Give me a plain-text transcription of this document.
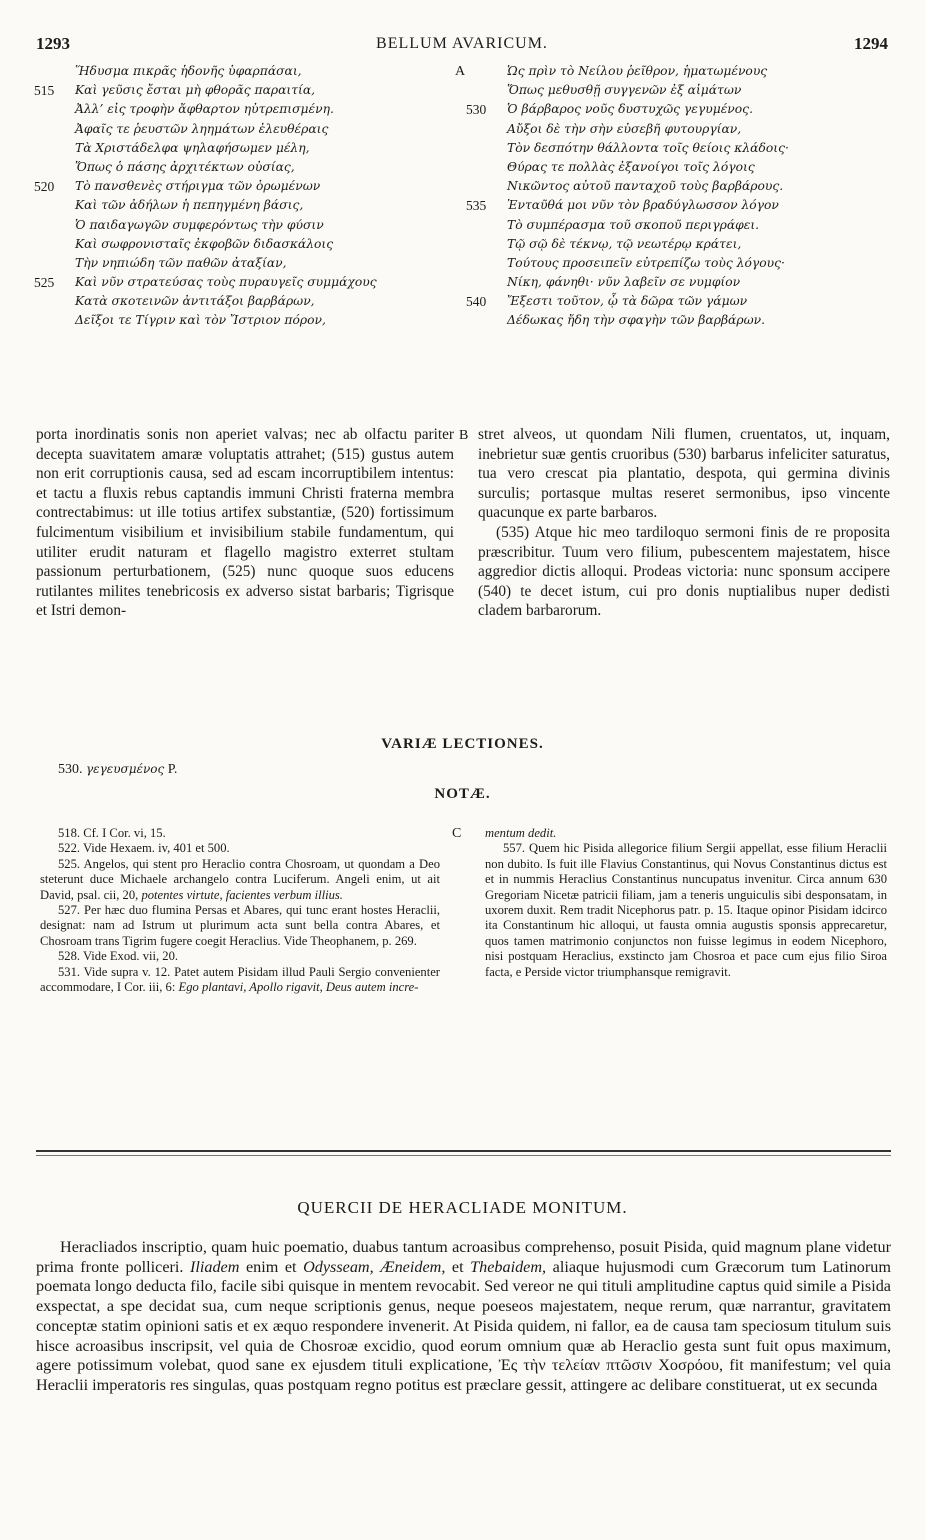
1293	BELLUM AVARICUM.	1294
A
B
C
Ἥδυσμα πικρᾶς ἡδονῆς ὑφαρπάσαι,
515	Καὶ γεῦσις ἔσται μὴ φθορᾶς παραιτία,
Ἀλλ’ εἰς τροφὴν ἄφθαρτον ηὐτρεπισμένη.
Ἀφαῖς τε ῥευστῶν ληημάτων ἐλευθέραις
Τὰ Χριστάδελφα ψηλαφήσωμεν μέλη,
Ὅπως ὁ πάσης ἀρχιτέκτων οὐσίας,
520	Τὸ πανσθενὲς στήριγμα τῶν ὁρωμένων
Καὶ τῶν ἀδήλων ἡ πεπηγμένη βάσις,
Ὁ παιδαγωγῶν συμφερόντως τὴν φύσιν
Καὶ σωφρονισταῖς ἐκφοβῶν διδασκάλοις
Τὴν νηπιώδη τῶν παθῶν ἀταξίαν,
525	Καὶ νῦν στρατεύσας τοὺς πυραυγεῖς συμμάχους
Κατὰ σκοτεινῶν ἀντιτάξοι βαρβάρων,
Δεῖξοι τε Τίγριν καὶ τὸν Ἴστριον πόρον,
Ὡς πρὶν τὸ Νείλου ῥεῖθρον, ἡματωμένους
Ὅπως μεθυσθῇ συγγενῶν ἐξ αἱμάτων
530	Ὁ βάρβαρος νοῦς δυστυχῶς γεγυμένος.
Αὔξοι δὲ τὴν σὴν εὐσεβῆ φυτουργίαν,
Τὸν δεσπότην θάλλοντα τοῖς θείοις κλάδοις·
Θύρας τε πολλὰς ἐξανοίγοι τοῖς λόγοις
Νικῶντος αὐτοῦ πανταχοῦ τοὺς βαρβάρους.
535	Ἐνταῦθά μοι νῦν τὸν βραδύγλωσσον λόγον
Τὸ συμπέρασμα τοῦ σκοποῦ περιγράφει.
Τῷ σῷ δὲ τέκνῳ, τῷ νεωτέρῳ κράτει,
Τούτους προσειπεῖν εὐτρεπίζω τοὺς λόγους·
Νίκη, φάνηθι· νῦν λαβεῖν σε νυμφίον
540	Ἔξεστι τοῦτον, ᾧ τὰ δῶρα τῶν γάμων
Δέδωκας ἤδη τὴν σφαγὴν τῶν βαρβάρων.

porta inordinatis sonis non aperiet valvas; nec ab olfactu pariter decepta suavitatem amaræ voluptatis attrahet; (515) gustus autem non erit corruptionis causa, sed ad escam incorruptibilem intentus: et tactu a fluxis rebus captandis immuni Christi fraterna membra contrectabimus: ut ille totius artifex substantiæ, (520) fortissimum fulcimentum visibilium et invisibilium stabile fundamentum, qui utiliter erudit naturam et flagello magistro exterret stultam passionum perturbationem, (525) nunc quoque suos educens rutilantes milites tenebricosis ex adverso sistat barbaris; Tigrisque et Istri demon-

stret alveos, ut quondam Nili flumen, cruentatos, ut, inquam, inebrietur suæ gentis cruoribus (530) barbarus infeliciter saturatus, tua vero crescat pia plantatio, despota, qui germina divinis surculis; portasque multas reseret sermonibus, ipso vincente quacunque ex parte barbaros.

(535) Atque hic meo tardiloquo sermoni finis de re proposita præscribitur. Tuum vero filium, pubescentem majestatem, hisce aggredior dictis alloqui. Prodeas victoria: nunc sponsum accipere (540) te decet istum, cui pro donis nuptialibus nuper dedisti cladem barbarorum.

VARIÆ LECTIONES.
530. γεγευσμένος P.
NOTÆ.

518. Cf. I Cor. vi, 15.

522. Vide Hexaem. iv, 401 et 500.

525. Angelos, qui stent pro Heraclio contra Chosroam, ut quondam a Deo steterunt duce Michaele archangelo contra Luciferum. Angeli enim, ut ait David, psal. cii, 20, potentes virtute, facientes verbum illius.

527. Per hæc duo flumina Persas et Abares, qui tunc erant hostes Heraclii, designat: nam ad Istrum ut plurimum acta sunt bella contra Abares, et Chosroam trans Tigrim fugere coegit Heraclius. Vide Theophanem, p. 269.

528. Vide Exod. vii, 20.

531. Vide supra v. 12. Patet autem Pisidam illud Pauli Sergio convenienter accommodare, I Cor. iii, 6: Ego plantavi, Apollo rigavit, Deus autem incre-

mentum dedit.

557. Quem hic Pisida allegorice filium Sergii appellat, esse filium Heraclii non dubito. Is fuit ille Flavius Constantinus, qui Novus Constantinus dictus est et in nummis Heraclius Constantinus nuncupatus invenitur. Circa annum 630 Gregoriam Nicetæ patricii filiam, jam a teneris unguiculis sibi desponsatam, in uxorem duxit. Rem tradit Nicephorus patr. p. 15. Itaque opinor Pisidam idcirco ita Constantinum hic alloqui, ut fausta omnia augustis sponsis apprecaretur, quos tamen matrimonio conjunctos non fuisse legimus in eodem Nicephoro, nisi postquam Heraclius, exstincto jam Chosroa et pace cum ejus filio Siroa facta, e Perside victor triumphansque remigravit.

QUERCII DE HERACLIADE MONITUM.

Heracliados inscriptio, quam huic poematio, duabus tantum acroasibus comprehenso, posuit Pisida, quid magnum plane videtur prima fronte polliceri. Iliadem enim et Odysseam, Æneidem, et Thebaidem, aliaque hujusmodi cum Græcorum tum Latinorum poemata longo deducta filo, facile sibi quisque in mentem revocabit. Sed vereor ne qui tituli amplitudine captus quid simile a Pisida exspectat, a spe decidat sua, cum neque scriptionis genus, neque poeseos majestatem, neque rerum, quæ narrantur, gravitatem conceptæ statim opinioni satis et ex æquo respondere invenerit. At Pisida quidem, ni fallor, ea de causa tam speciosum titulum suis hisce acroasibus inscripsit, vel quia de Chosroæ excidio, quod eorum omnium quæ ab Heraclio gesta sunt fuit opus maximum, agere potissimum volebat, quod sane ex ejusdem tituli explicatione, Ἐς τὴν τελείαν πτῶσιν Χοσρόου, fit manifestum; vel quia Heraclii imperatoris res singulas, quas postquam regno potitus est præclare gessit, attingere ac delibare constituerat, ut ex secunda
